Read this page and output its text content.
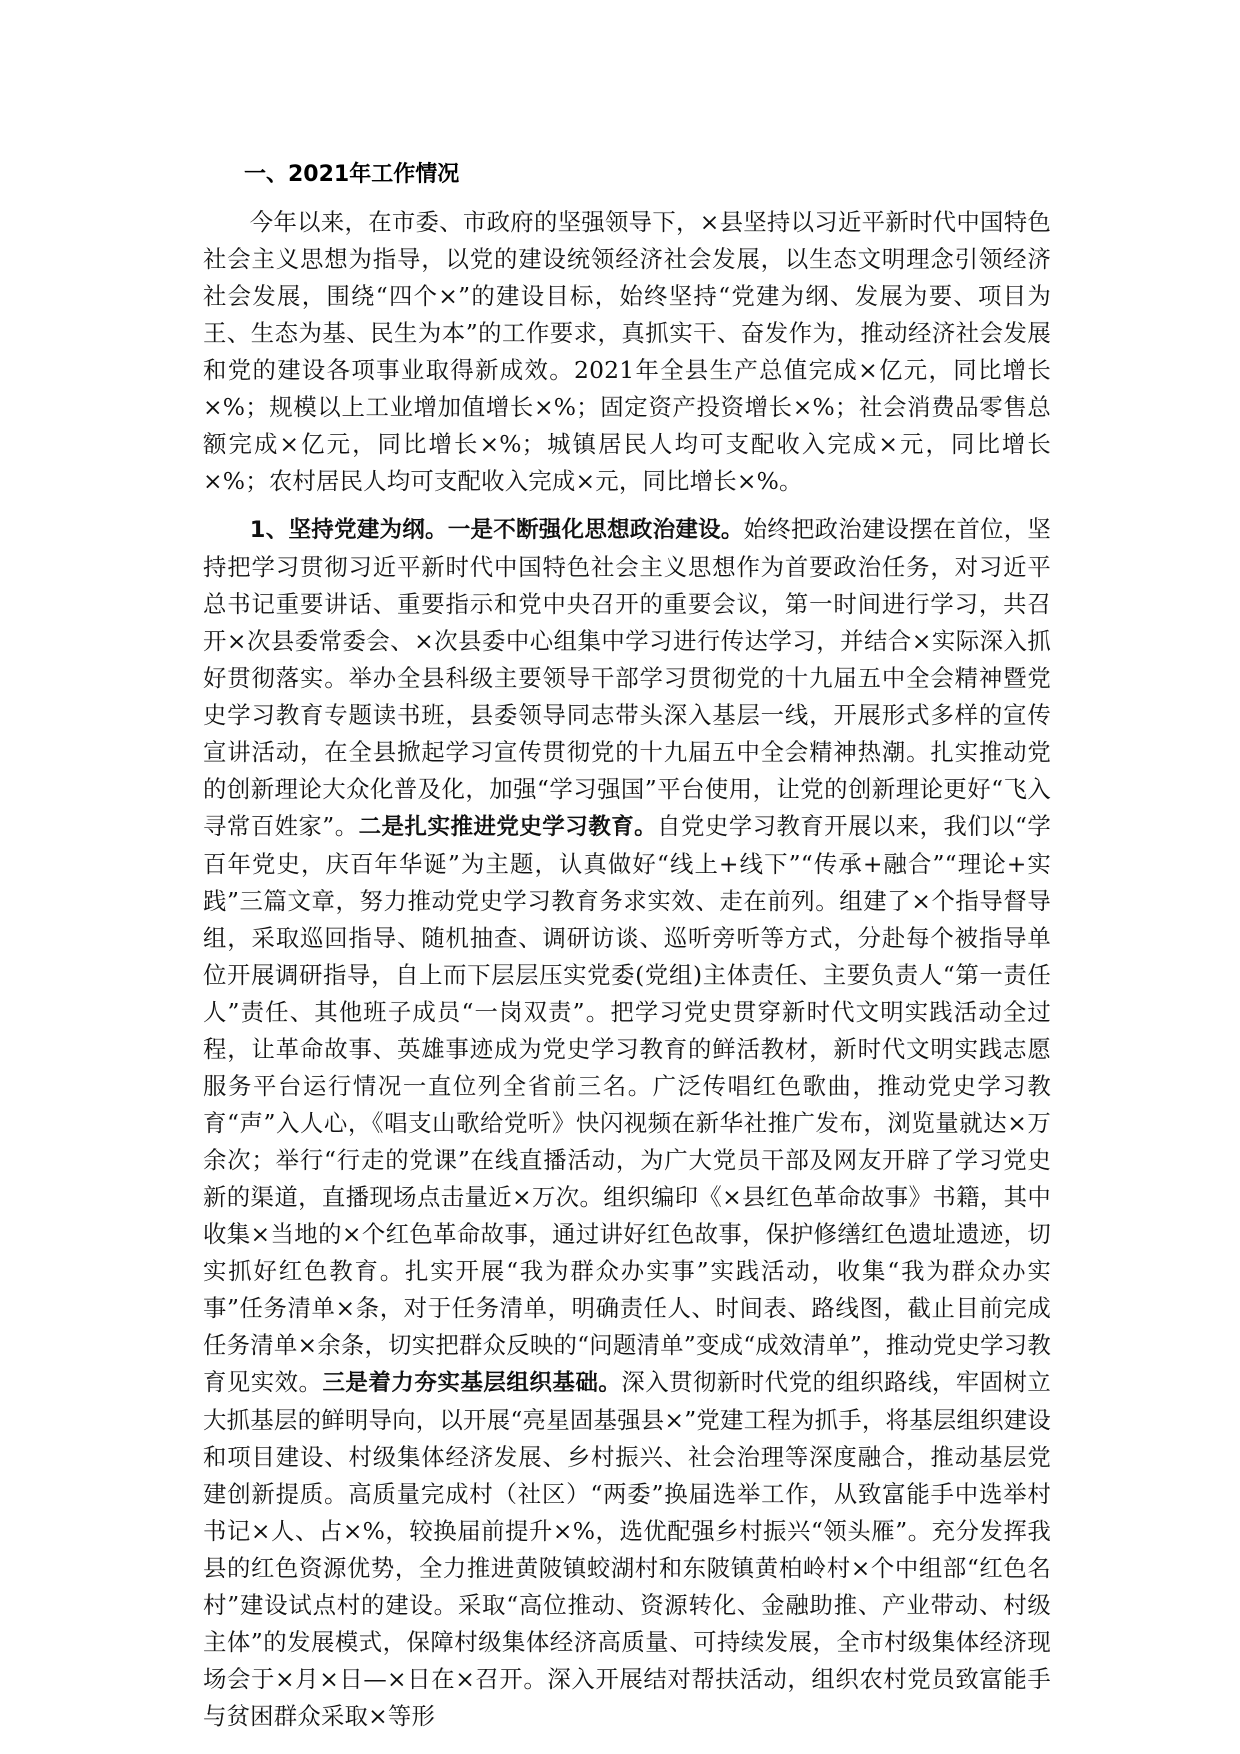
一、2021年工作情况

今年以来，在市委、市政府的坚强领导下，×县坚持以习近平新时代中国特色社会主义思想为指导，以党的建设统领经济社会发展，以生态文明理念引领经济社会发展，围绕“四个×”的建设目标，始终坚持“党建为纲、发展为要、项目为王、生态为基、民生为本”的工作要求，真抓实干、奋发作为，推动经济社会发展和党的建设各项事业取得新成效。2021年全县生产总值完成×亿元，同比增长×%；规模以上工业增加值增长×%；固定资产投资增长×%；社会消费品零售总额完成×亿元，同比增长×%；城镇居民人均可支配收入完成×元，同比增长×%；农村居民人均可支配收入完成×元，同比增长×%。

1、坚持党建为纲。一是不断强化思想政治建设。始终把政治建设摆在首位，坚持把学习贯彻习近平新时代中国特色社会主义思想作为首要政治任务，对习近平总书记重要讲话、重要指示和党中央召开的重要会议，第一时间进行学习，共召开×次县委常委会、×次县委中心组集中学习进行传达学习，并结合×实际深入抓好贯彻落实。举办全县科级主要领导干部学习贯彻党的十九届五中全会精神暨党史学习教育专题读书班，县委领导同志带头深入基层一线，开展形式多样的宣传宣讲活动，在全县掀起学习宣传贯彻党的十九届五中全会精神热潮。扎实推动党的创新理论大众化普及化，加强“学习强国”平台使用，让党的创新理论更好“飞入寻常百姓家”。二是扎实推进党史学习教育。自党史学习教育开展以来，我们以“学百年党史，庆百年华诞”为主题，认真做好“线上+线下”“传承+融合”“理论+实践”三篇文章，努力推动党史学习教育务求实效、走在前列。组建了×个指导督导组，采取巡回指导、随机抽查、调研访谈、巡听旁听等方式，分赴每个被指导单位开展调研指导，自上而下层层压实党委(党组)主体责任、主要负责人“第一责任人”责任、其他班子成员“一岗双责”。把学习党史贯穿新时代文明实践活动全过程，让革命故事、英雄事迹成为党史学习教育的鲜活教材，新时代文明实践志愿服务平台运行情况一直位列全省前三名。广泛传唱红色歌曲，推动党史学习教育“声”入人心，《唱支山歌给党听》快闪视频在新华社推广发布，浏览量就达×万余次；举行“行走的党课”在线直播活动，为广大党员干部及网友开辟了学习党史新的渠道，直播现场点击量近×万次。组织编印《×县红色革命故事》书籍，其中收集×当地的×个红色革命故事，通过讲好红色故事，保护修缮红色遗址遗迹，切实抓好红色教育。扎实开展“我为群众办实事”实践活动，收集“我为群众办实事”任务清单×条，对于任务清单，明确责任人、时间表、路线图，截止目前完成任务清单×余条，切实把群众反映的“问题清单”变成“成效清单”，推动党史学习教育见实效。三是着力夯实基层组织基础。深入贯彻新时代党的组织路线，牢固树立大抓基层的鲜明导向，以开展“亮星固基强县×”党建工程为抓手，将基层组织建设和项目建设、村级集体经济发展、乡村振兴、社会治理等深度融合，推动基层党建创新提质。高质量完成村（社区）“两委”换届选举工作，从致富能手中选举村书记×人、占×%，较换届前提升×%，选优配强乡村振兴“领头雁”。充分发挥我县的红色资源优势，全力推进黄陂镇蛟湖村和东陂镇黄柏岭村×个中组部“红色名村”建设试点村的建设。采取“高位推动、资源转化、金融助推、产业带动、村级主体”的发展模式，保障村级集体经济高质量、可持续发展，全市村级集体经济现场会于×月×日—×日在×召开。深入开展结对帮扶活动，组织农村党员致富能手与贫困群众采取×等形
